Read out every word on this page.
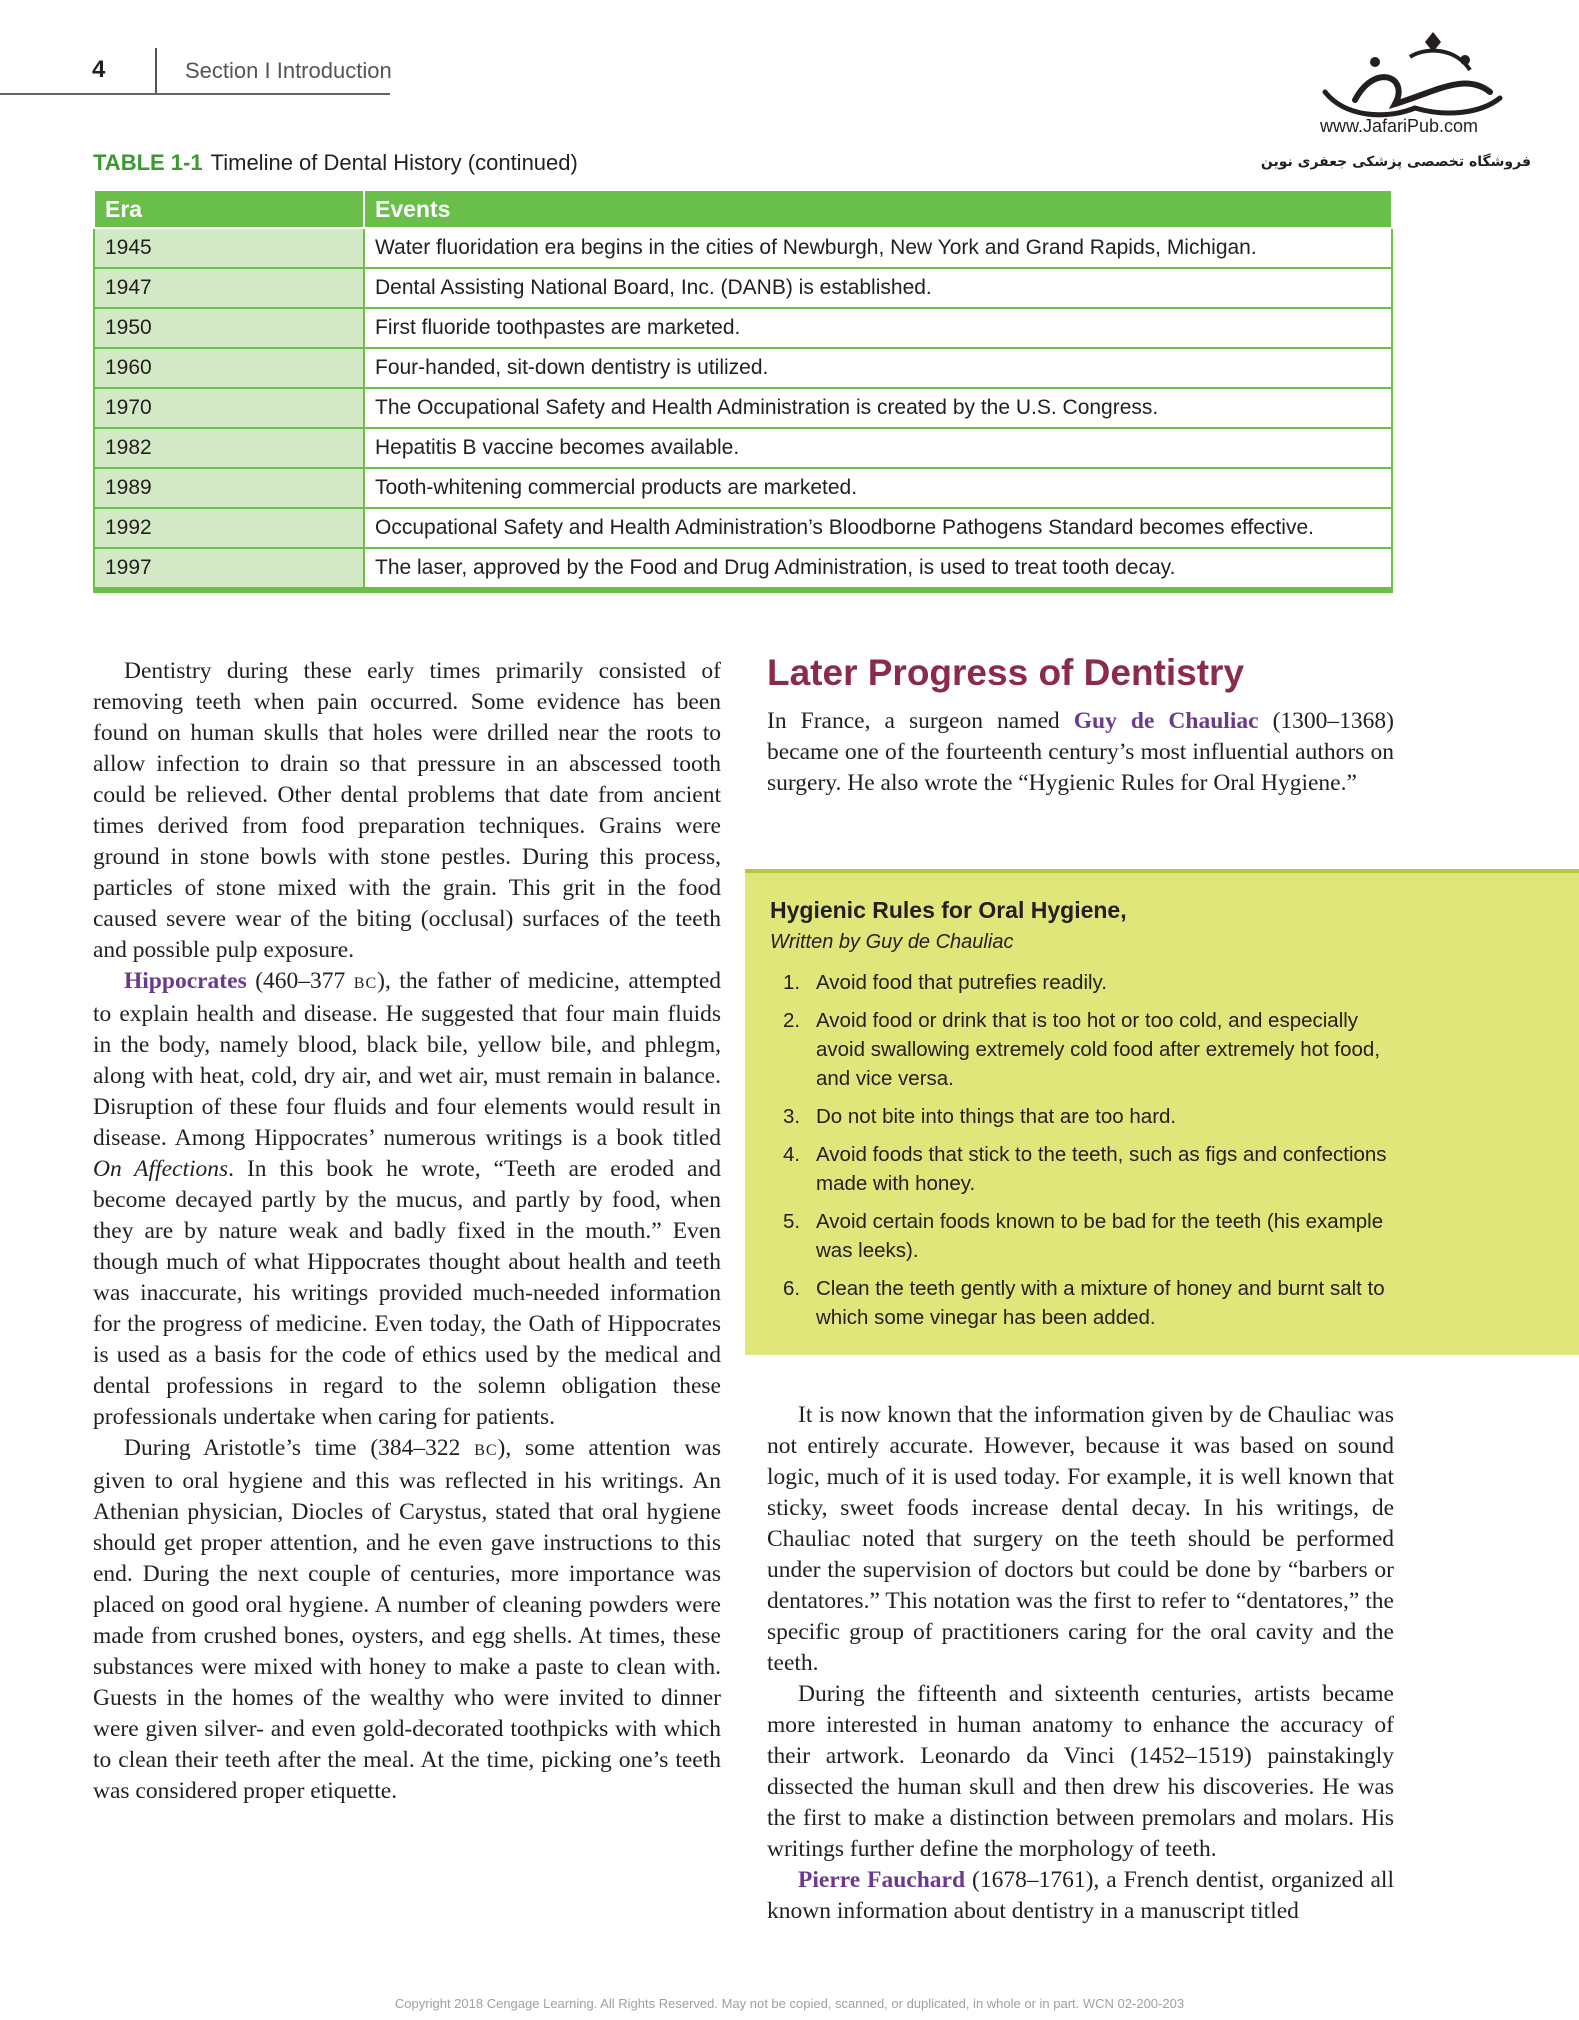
4	Section I Introduction
www.JafariPub.com
فروشگاه تخصصی پزشکی جعفری نوین
TABLE 1-1 Timeline of Dental History (continued)
Era	Events
1945	Water fluoridation era begins in the cities of Newburgh, New York and Grand Rapids, Michigan.
1947	Dental Assisting National Board, Inc. (DANB) is established.
1950	First fluoride toothpastes are marketed.
1960	Four-handed, sit-down dentistry is utilized.
1970	The Occupational Safety and Health Administration is created by the U.S. Congress.
1982	Hepatitis B vaccine becomes available.
1989	Tooth-whitening commercial products are marketed.
1992	Occupational Safety and Health Administration’s Bloodborne Pathogens Standard becomes effective.
1997	The laser, approved by the Food and Drug Administration, is used to treat tooth decay.

Dentistry during these early times primarily consisted of removing teeth when pain occurred. Some evidence has been found on human skulls that holes were drilled near the roots to allow infection to drain so that pressure in an abscessed tooth could be relieved. Other dental problems that date from ancient times derived from food preparation techniques. Grains were ground in stone bowls with stone pestles. During this process, particles of stone mixed with the grain. This grit in the food caused severe wear of the biting (occlusal) surfaces of the teeth and possible pulp exposure.

Hippocrates (460–377 BC), the father of medicine, attempted to explain health and disease. He suggested that four main fluids in the body, namely blood, black bile, yellow bile, and phlegm, along with heat, cold, dry air, and wet air, must remain in balance. Disruption of these four fluids and four elements would result in disease. Among Hippocrates’ numerous writings is a book titled On Affections. In this book he wrote, “Teeth are eroded and become decayed partly by the mucus, and partly by food, when they are by nature weak and badly fixed in the mouth.” Even though much of what Hippocrates thought about health and teeth was inaccurate, his writings provided much-needed information for the progress of medicine. Even today, the Oath of Hippocrates is used as a basis for the code of ethics used by the medical and dental professions in regard to the solemn obligation these professionals undertake when caring for patients.

During Aristotle’s time (384–322 BC), some attention was given to oral hygiene and this was reflected in his writings. An Athenian physician, Diocles of Carystus, stated that oral hygiene should get proper attention, and he even gave instructions to this end. During the next couple of centuries, more importance was placed on good oral hygiene. A number of cleaning powders were made from crushed bones, oysters, and egg shells. At times, these substances were mixed with honey to make a paste to clean with. Guests in the homes of the wealthy who were invited to dinner were given silver- and even gold-decorated toothpicks with which to clean their teeth after the meal. At the time, picking one’s teeth was considered proper etiquette.

Later Progress of Dentistry

In France, a surgeon named Guy de Chauliac (1300–1368) became one of the fourteenth century’s most influential authors on surgery. He also wrote the “Hygienic Rules for Oral Hygiene.”

Hygienic Rules for Oral Hygiene,
Written by Guy de Chauliac
1. Avoid food that putrefies readily.
2. Avoid food or drink that is too hot or too cold, and especially avoid swallowing extremely cold food after extremely hot food, and vice versa.
3. Do not bite into things that are too hard.
4. Avoid foods that stick to the teeth, such as figs and confections made with honey.
5. Avoid certain foods known to be bad for the teeth (his example was leeks).
6. Clean the teeth gently with a mixture of honey and burnt salt to which some vinegar has been added.

It is now known that the information given by de Chauliac was not entirely accurate. However, because it was based on sound logic, much of it is used today. For example, it is well known that sticky, sweet foods increase dental decay. In his writings, de Chauliac noted that surgery on the teeth should be performed under the supervision of doctors but could be done by “barbers or dentatores.” This notation was the first to refer to “dentatores,” the specific group of practitioners caring for the oral cavity and the teeth.

During the fifteenth and sixteenth centuries, artists became more interested in human anatomy to enhance the accuracy of their artwork. Leonardo da Vinci (1452–1519) painstakingly dissected the human skull and then drew his discoveries. He was the first to make a distinction between premolars and molars. His writings further define the morphology of teeth.

Pierre Fauchard (1678–1761), a French dentist, organized all known information about dentistry in a manuscript titled

Copyright 2018 Cengage Learning. All Rights Reserved. May not be copied, scanned, or duplicated, in whole or in part. WCN 02-200-203
